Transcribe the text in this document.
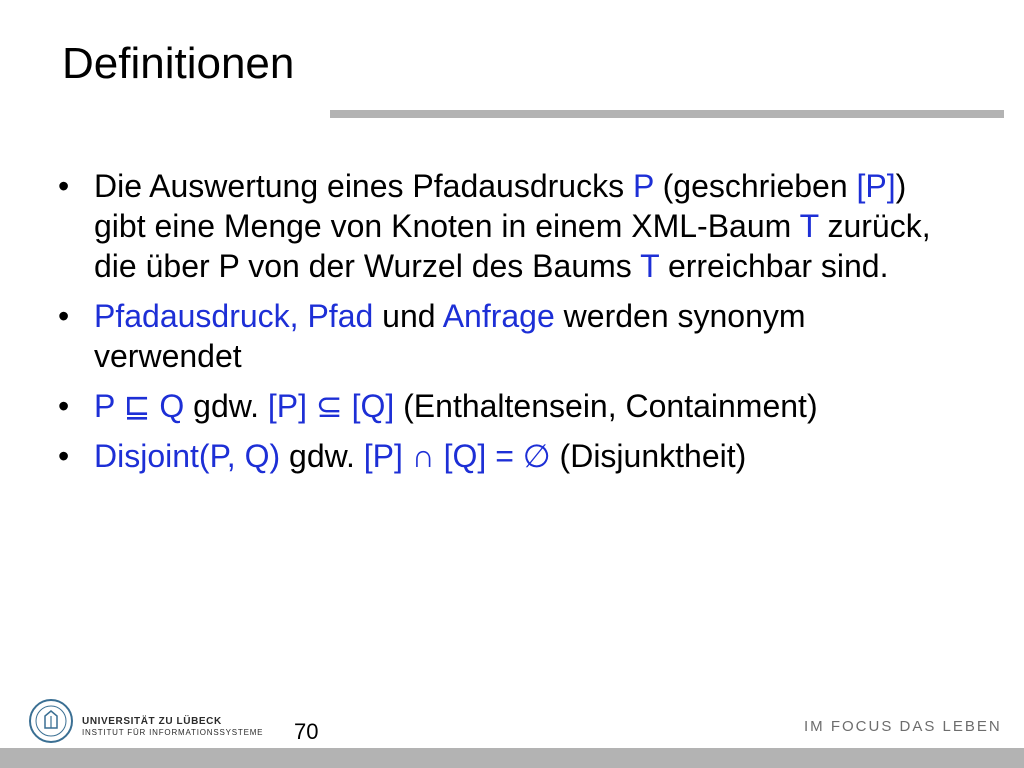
Definitionen
• Die Auswertung eines Pfadausdrucks P (geschrieben [P]) gibt eine Menge von Knoten in einem XML-Baum T zurück, die über P von der Wurzel des Baums T erreichbar sind.
• Pfadausdruck, Pfad und Anfrage werden synonym verwendet
• P ⊑ Q gdw. [P] ⊆ [Q] (Enthaltensein, Containment)
• Disjoint(P, Q) gdw. [P] ∩ [Q] = ∅ (Disjunktheit)
UNIVERSITÄT ZU LÜBECK
INSTITUT FÜR INFORMATIONSSYSTEME 70	IM FOCUS DAS LEBEN
